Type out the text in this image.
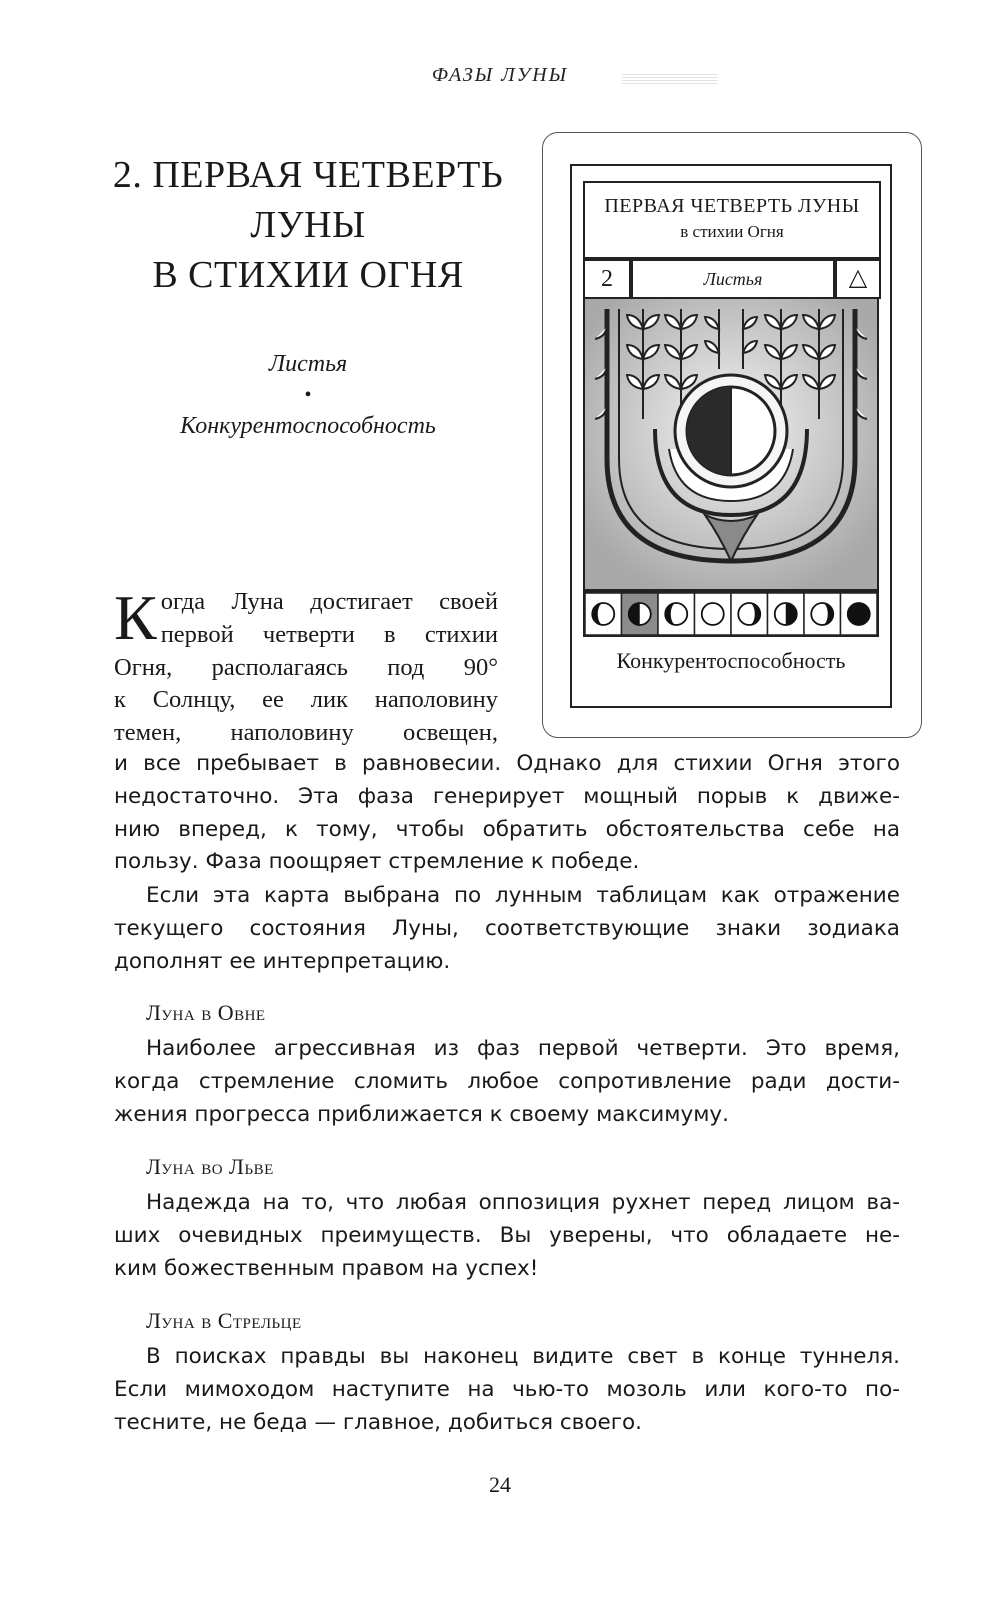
ФАЗЫ ЛУНЫ
2. ПЕРВАЯ ЧЕТВЕРТЬ
ЛУНЫ
В СТИХИИ ОГНЯ
Листья
•
Конкурентоспособность
ПЕРВАЯ ЧЕТВЕРТЬ ЛУНЫ
в стихии Огня
2	Листья	△
Конкурентоспособность
К огда Луна достигает своей
первой четверти в стихии
Огня, располагаясь под 90°
к Солнцу, ее лик наполовину
темен, наполовину освещен,
и все пребывает в равновесии. Однако для стихии Огня этого
недостаточно. Эта фаза генерирует мощный порыв к движе-
нию вперед, к тому, чтобы обратить обстоятельства себе на
пользу. Фаза поощряет стремление к победе.
Если эта карта выбрана по лунным таблицам как отражение
текущего состояния Луны, соответствующие знаки зодиака
дополнят ее интерпретацию.
Луна в Овне
Наиболее агрессивная из фаз первой четверти. Это время,
когда стремление сломить любое сопротивление ради дости-
жения прогресса приближается к своему максимуму.
Луна во Льве
Надежда на то, что любая оппозиция рухнет перед лицом ва-
ших очевидных преимуществ. Вы уверены, что обладаете не-
ким божественным правом на успех!
Луна в Стрельце
В поисках правды вы наконец видите свет в конце туннеля.
Если мимоходом наступите на чью-то мозоль или кого-то по-
тесните, не беда — главное, добиться своего.
24
